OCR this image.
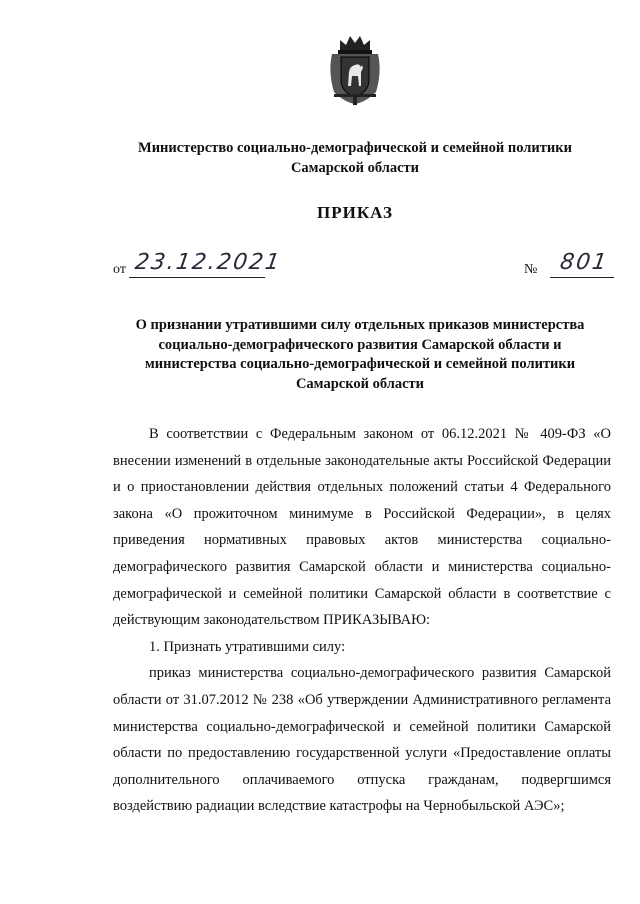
Министерство социально-демографической и семейной политики
Самарской области
ПРИКАЗ
от 23.12.2021	№ 801
О признании утратившими силу отдельных приказов министерства
социально-демографического развития Самарской области и
министерства социально-демографической и семейной политики
Самарской области

В соответствии с Федеральным законом от 06.12.2021 № 409-ФЗ «О внесении изменений в отдельные законодательные акты Российской Федерации и о приостановлении действия отдельных положений статьи 4 Федерального закона «О прожиточном минимуме в Российской Федерации», в целях приведения нормативных правовых актов министерства социально-демографического развития Самарской области и министерства социально-демографической и семейной политики Самарской области в соответствие с действующим законодательством ПРИКАЗЫВАЮ:

1. Признать утратившими силу:

приказ министерства социально-демографического развития Самарской области от 31.07.2012 № 238 «Об утверждении Административного регламента министерства социально-демографической и семейной политики Самарской области по предоставлению государственной услуги «Предоставление оплаты дополнительного оплачиваемого отпуска гражданам, подвергшимся воздействию радиации вследствие катастрофы на Чернобыльской АЭС»;
